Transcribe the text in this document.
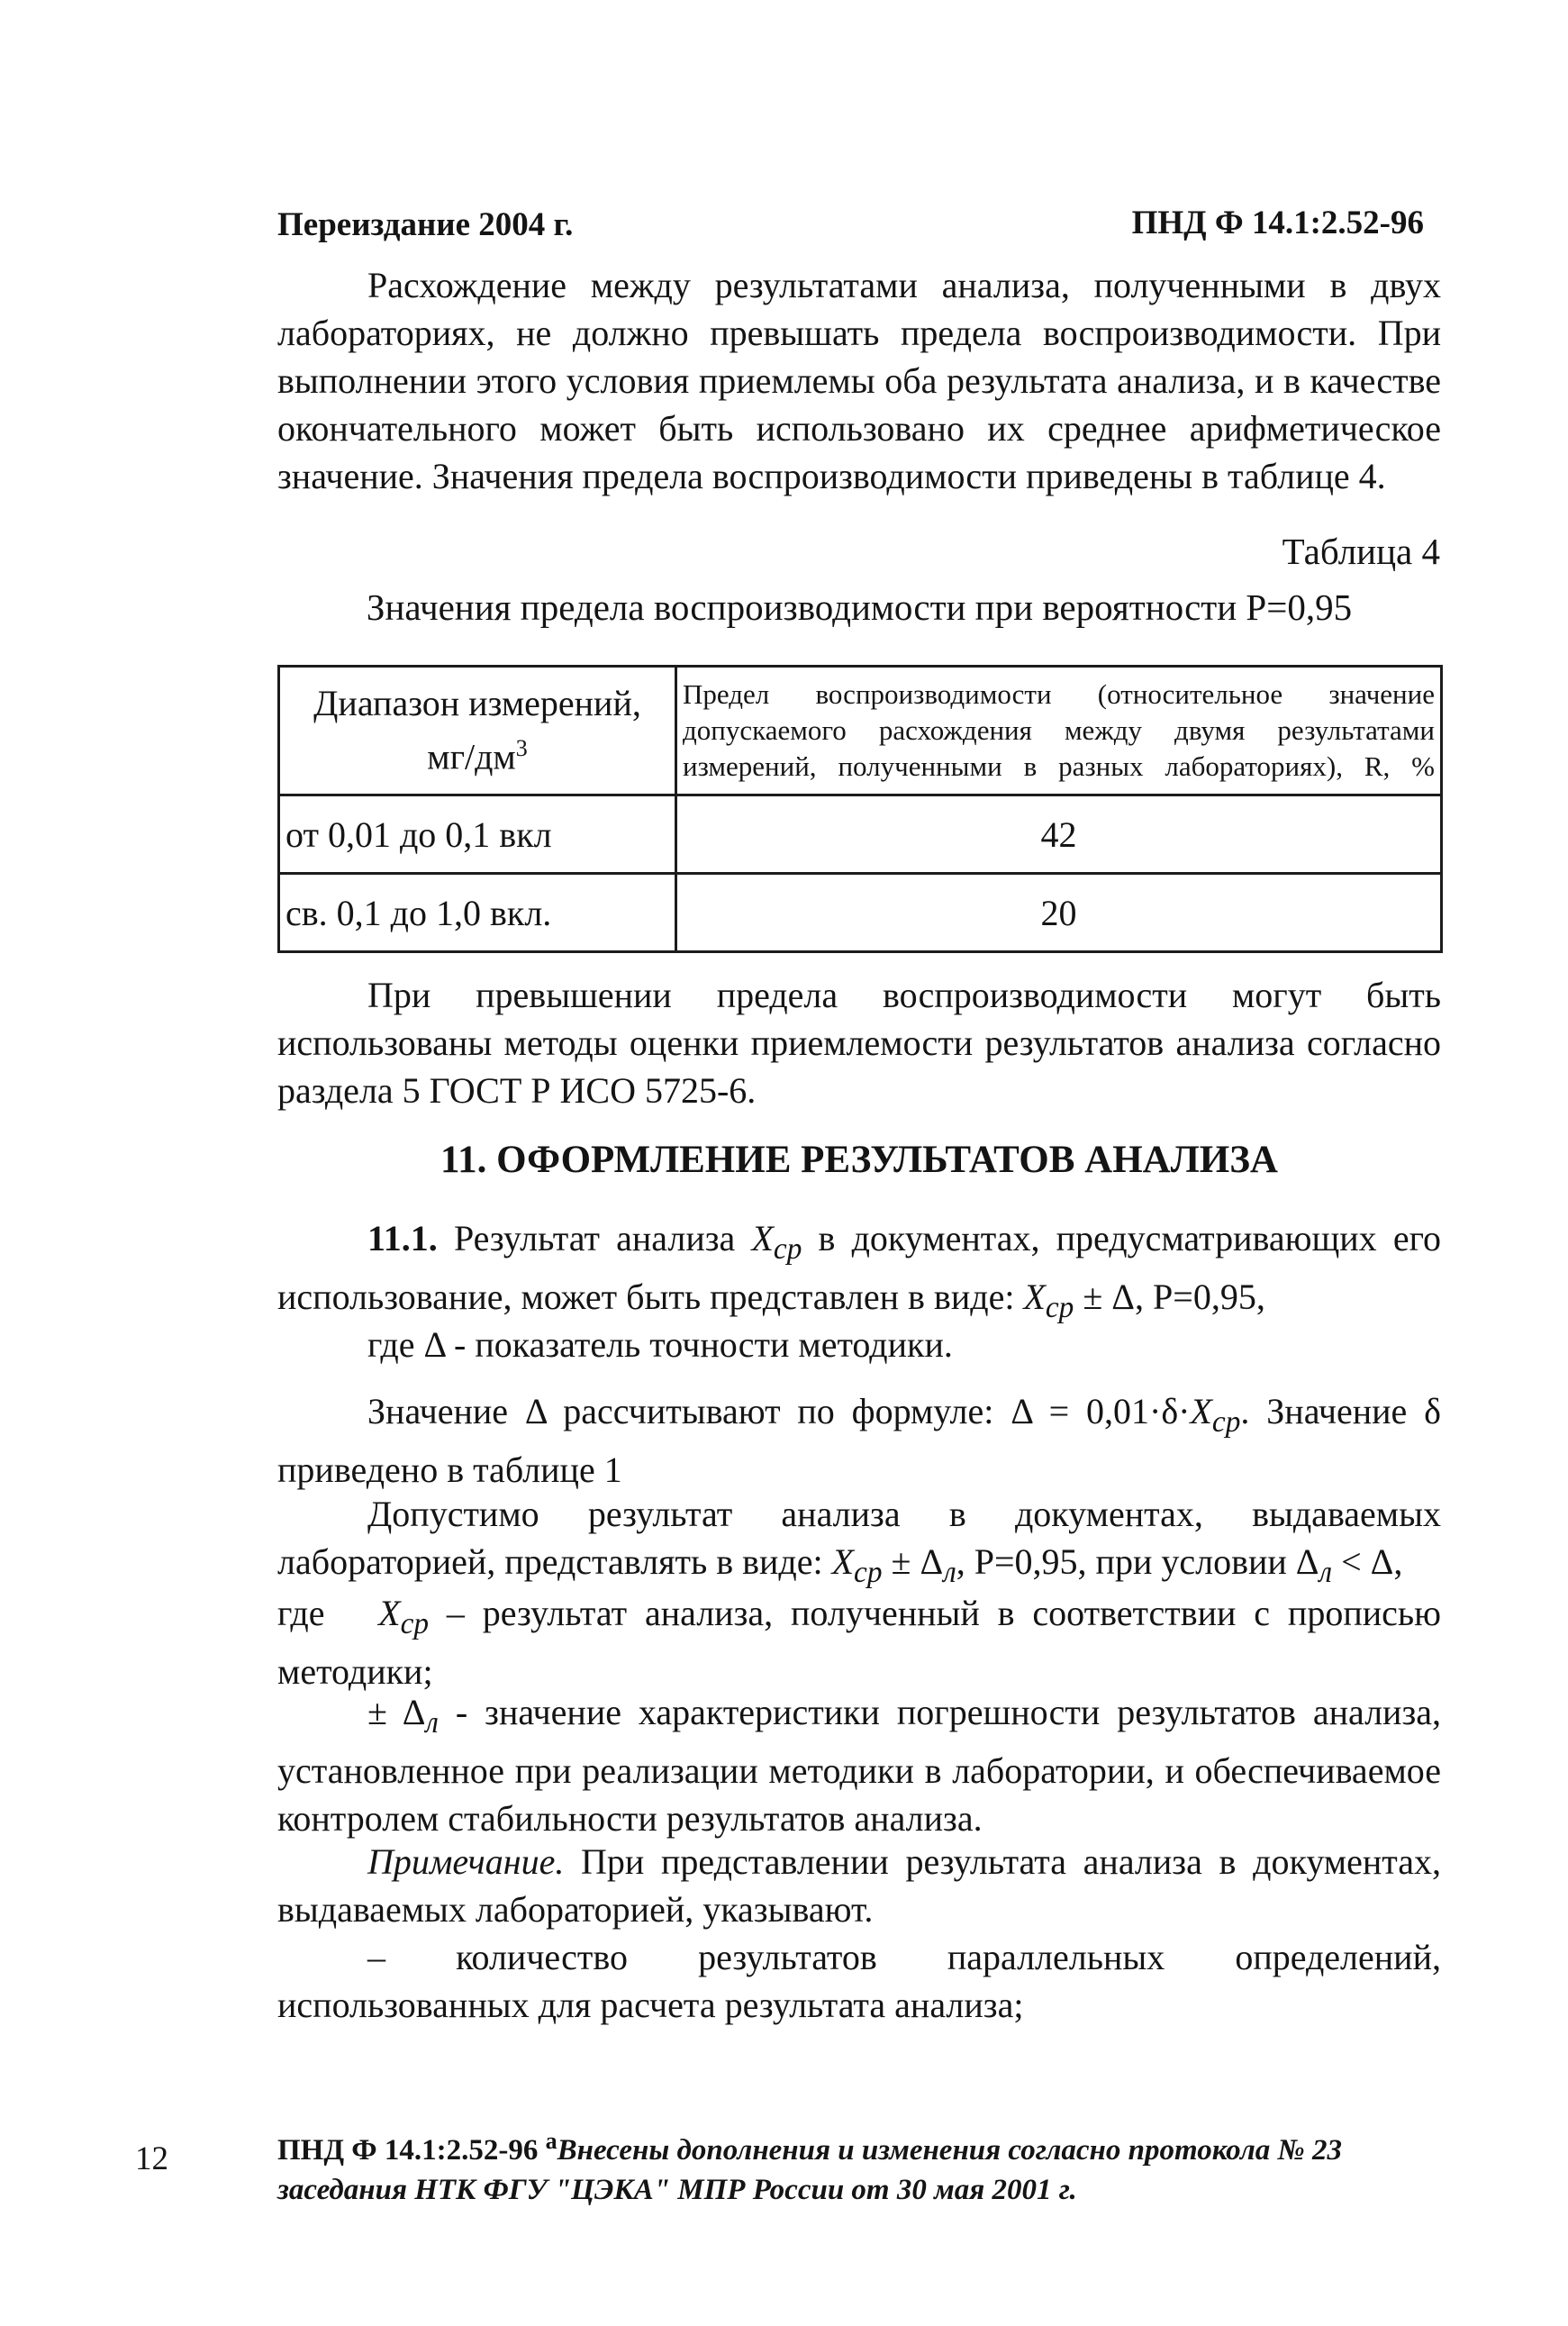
Переиздание 2004 г.	ПНД Ф 14.1:2.52-96
Расхождение между результатами анализа, полученными в двух лабораториях, не должно превышать предела воспроизводимости. При выполнении этого условия приемлемы оба результата анализа, и в качестве окончательного может быть использовано их среднее арифметическое значение. Значения предела воспроизводимости приведены в таблице 4.
Таблица 4
Значения предела воспроизводимости при вероятности P=0,95
Диапазон измерений, $мг/дм^3$	Предел воспроизводимости (относительное значение допускаемого расхождения между двумя результатами измерений, полученными в разных лабораториях), R, %
от 0,01 до 0,1 вкл	42
св. 0,1 до 1,0 вкл.	20
При превышении предела воспроизводимости могут быть использованы методы оценки приемлемости результатов анализа согласно раздела 5 ГОСТ Р ИСО 5725-6.
11. ОФОРМЛЕНИЕ РЕЗУЛЬТАТОВ АНАЛИЗА
11.1. Результат анализа $X_{ср}$ в документах, предусматривающих его использование, может быть представлен в виде: $X_{ср} \pm \Delta$, P=0,95,
где Δ - показатель точности методики.
Значение Δ рассчитывают по формуле: $\Delta = 0,01\cdot\delta\cdot X_{ср}$. Значение δ приведено в таблице 1
Допустимо результат анализа в документах, выдаваемых лабораторией, представлять в виде: $X_{ср} \pm \Delta_л$, P=0,95, при условии $\Delta_л < \Delta$,
где $X_{ср}$ – результат анализа, полученный в соответствии с прописью методики;
± $\Delta_л$ - значение характеристики погрешности результатов анализа, установленное при реализации методики в лаборатории, и обеспечиваемое контролем стабильности результатов анализа.
Примечание. При представлении результата анализа в документах, выдаваемых лабораторией, указывают.
– количество результатов параллельных определений, использованных для расчета результата анализа;
ПНД Ф 14.1:2.52-96 $^а$Внесены дополнения и изменения согласно протокола № 23 заседания НТК ФГУ "ЦЭКА" МПР России от 30 мая 2001 г.
12
